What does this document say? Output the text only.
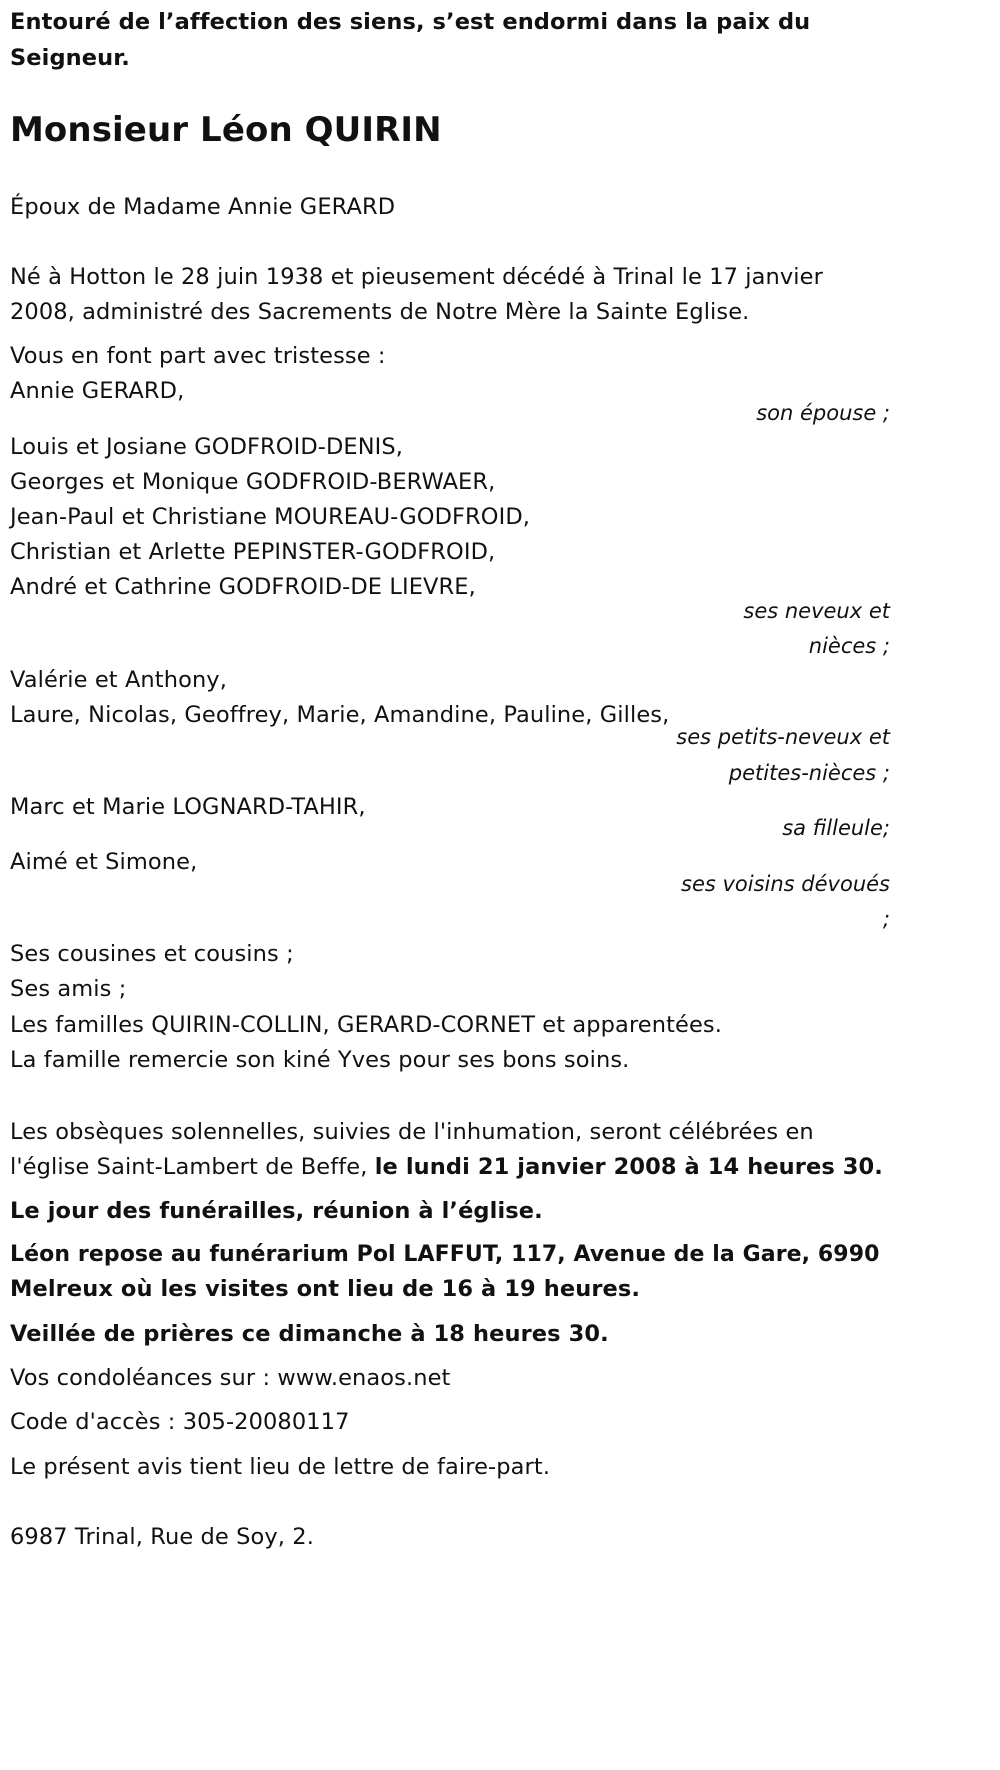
Entouré de l’affection des siens, s’est endormi dans la paix du
Seigneur.
Monsieur Léon QUIRIN
Époux de Madame Annie GERARD
Né à Hotton le 28 juin 1938 et pieusement décédé à Trinal le 17 janvier
2008, administré des Sacrements de Notre Mère la Sainte Eglise.
Vous en font part avec tristesse :
Annie GERARD,
son épouse ;
Louis et Josiane GODFROID-DENIS,
Georges et Monique GODFROID-BERWAER,
Jean-Paul et Christiane MOUREAU-GODFROID,
Christian et Arlette PEPINSTER-GODFROID,
André et Cathrine GODFROID-DE LIEVRE,
ses neveux et
nièces ;
Valérie et Anthony,
Laure, Nicolas, Geoffrey, Marie, Amandine, Pauline, Gilles,
ses petits-neveux et
petites-nièces ;
Marc et Marie LOGNARD-TAHIR,
sa filleule;
Aimé et Simone,
ses voisins dévoués
;
Ses cousines et cousins ;
Ses amis ;
Les familles QUIRIN-COLLIN, GERARD-CORNET et apparentées.
La famille remercie son kiné Yves pour ses bons soins.
Les obsèques solennelles, suivies de l'inhumation, seront célébrées en
l'église Saint-Lambert de Beffe, le lundi 21 janvier 2008 à 14 heures 30.
Le jour des funérailles, réunion à l’église.
Léon repose au funérarium Pol LAFFUT, 117, Avenue de la Gare, 6990
Melreux où les visites ont lieu de 16 à 19 heures.
Veillée de prières ce dimanche à 18 heures 30.
Vos condoléances sur : www.enaos.net
Code d'accès : 305-20080117
Le présent avis tient lieu de lettre de faire-part.
6987 Trinal, Rue de Soy, 2.
